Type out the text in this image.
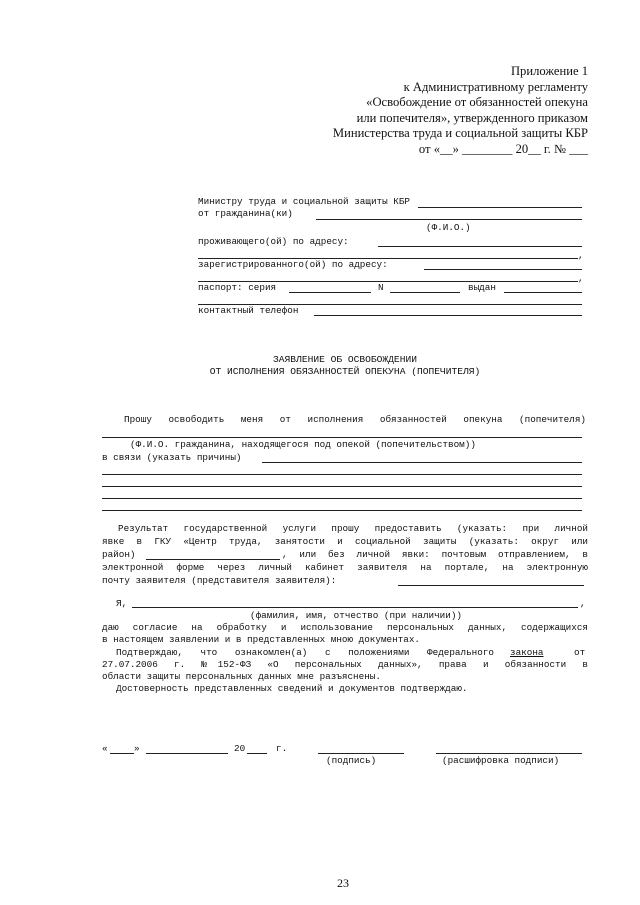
Приложение 1
к Административному регламенту
«Освобождение от обязанностей опекуна
или попечителя», утвержденного приказом
Министерства труда и социальной защиты КБР
от «__» ________ 20__ г. № ___
Министру труда и социальной защиты КБР
от гражданина(ки)
(Ф.И.О.)
проживающего(ой) по адресу:
,
зарегистрированного(ой) по адресу:
,
паспорт: серия	N	выдан
контактный телефон
ЗАЯВЛЕНИЕ ОБ ОСВОБОЖДЕНИИ
ОТ ИСПОЛНЕНИЯ ОБЯЗАННОСТЕЙ ОПЕКУНА (ПОПЕЧИТЕЛЯ)
Прошу освободить меня от исполнения обязанностей опекуна (попечителя)
(Ф.И.О. гражданина, находящегося под опекой (попечительством))
в связи (указать причины)
Результат государственной услуги прошу предоставить (указать: при личной
явке в ГКУ «Центр труда, занятости и социальной защиты (указать: округ или
район)	, или без личной явки: почтовым отправлением, в
электронной форме через личный кабинет заявителя на портале, на электронную
почту заявителя (представителя заявителя):
Я,	,
(фамилия, имя, отчество (при наличии))
даю согласие на обработку и использование персональных данных, содержащихся
в настоящем заявлении и в представленных мною документах.
Подтверждаю, что ознакомлен(а) с положениями Федерального закона	от
27.07.2006 г. №152-ФЗ «О персональных данных», права и обязанности в
области защиты персональных данных мне разъяснены.
Достоверность представленных сведений и документов подтверждаю.
«	»	20	г.
(подпись)	(расшифровка подписи)
23
